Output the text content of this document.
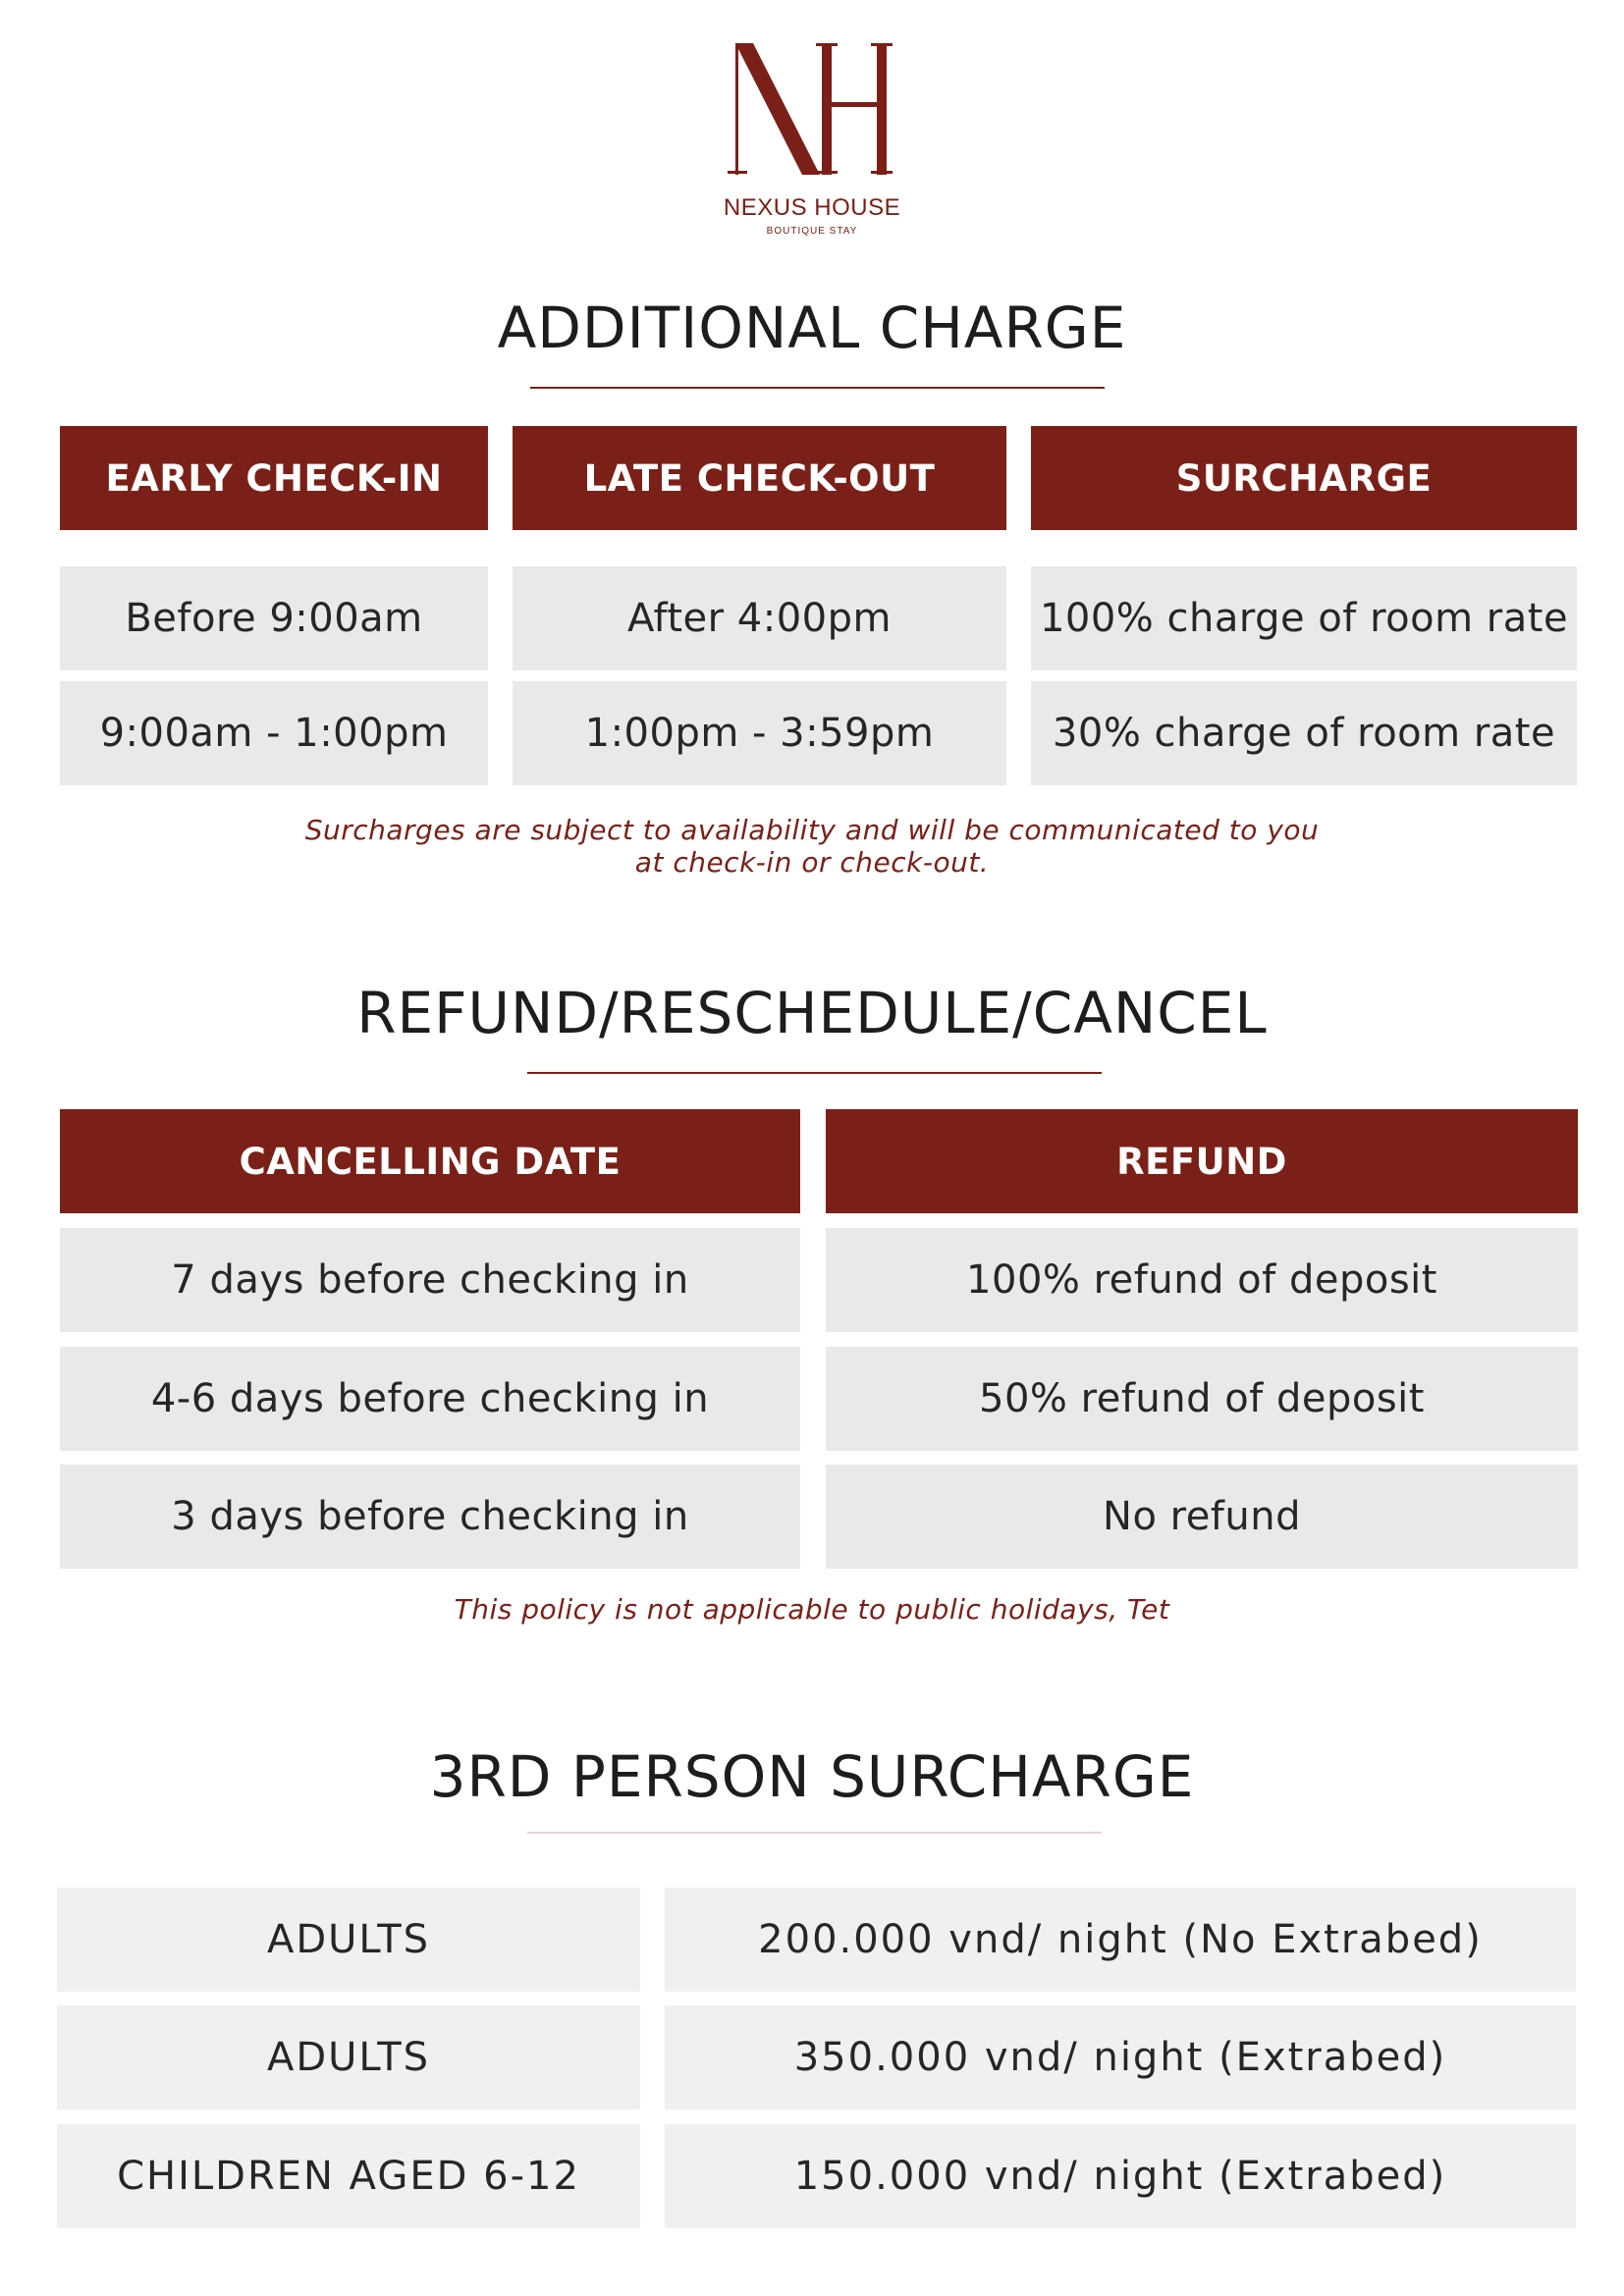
NEXUS HOUSE
BOUTIQUE STAY
ADDITIONAL CHARGE
EARLY CHECK-IN	LATE CHECK-OUT	SURCHARGE
Before 9:00am	After 4:00pm	100% charge of room rate
9:00am - 1:00pm	1:00pm - 3:59pm	30% charge of room rate
Surcharges are subject to availability and will be communicated to you
at check-in or check-out.
REFUND/RESCHEDULE/CANCEL
CANCELLING DATE	REFUND
7 days before checking in	100% refund of deposit
4-6 days before checking in	50% refund of deposit
3 days before checking in	No refund
This policy is not applicable to public holidays, Tet
3RD PERSON SURCHARGE
ADULTS	200.000 vnd/ night (No Extrabed)
ADULTS	350.000 vnd/ night (Extrabed)
CHILDREN AGED 6-12	150.000 vnd/ night (Extrabed)
